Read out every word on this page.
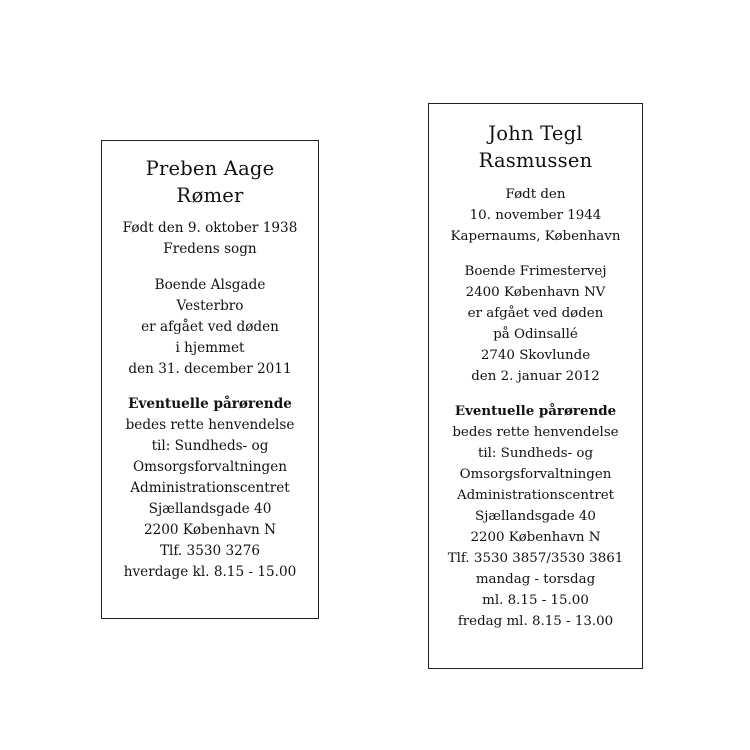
Preben Aage
Rømer
Født den 9. oktober 1938
Fredens sogn
Boende Alsgade
Vesterbro
er afgået ved døden
i hjemmet
den 31. december 2011
Eventuelle pårørende
bedes rette henvendelse
til: Sundheds- og
Omsorgsforvaltningen
Administrationscentret
Sjællandsgade 40
2200 København N
Tlf. 3530 3276
hverdage kl. 8.15 - 15.00
John Tegl
Rasmussen
Født den
10. november 1944
Kapernaums, København
Boende Frimestervej
2400 København NV
er afgået ved døden
på Odinsallé
2740 Skovlunde
den 2. januar 2012
Eventuelle pårørende
bedes rette henvendelse
til: Sundheds- og
Omsorgsforvaltningen
Administrationscentret
Sjællandsgade 40
2200 København N
Tlf. 3530 3857/3530 3861
mandag - torsdag
ml. 8.15 - 15.00
fredag ml. 8.15 - 13.00
